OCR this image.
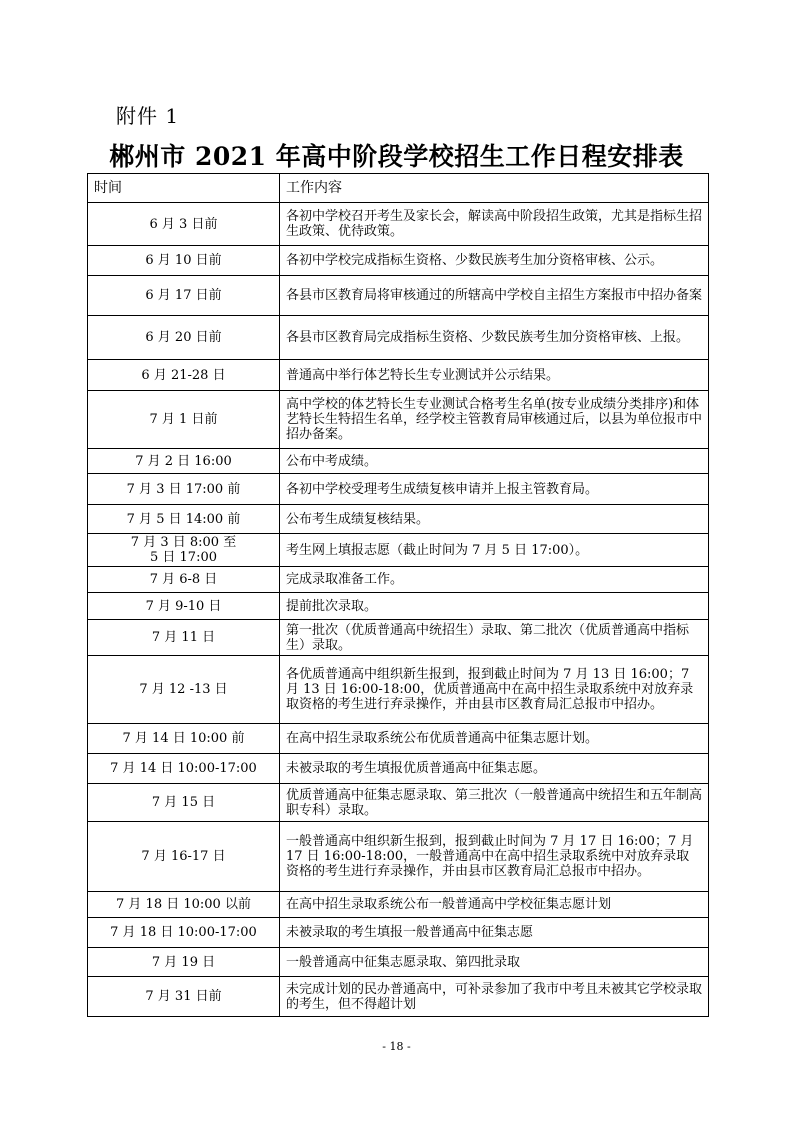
附件 1
郴州市 2021 年高中阶段学校招生工作日程安排表
时间	工作内容
6 月 3 日前	各初中学校召开考生及家长会，解读高中阶段招生政策，尤其是指标生招生政策、优待政策。
6 月 10 日前	各初中学校完成指标生资格、少数民族考生加分资格审核、公示。
6 月 17 日前	各县市区教育局将审核通过的所辖高中学校自主招生方案报市中招办备案
6 月 20 日前	各县市区教育局完成指标生资格、少数民族考生加分资格审核、上报。
6 月 21-28 日	普通高中举行体艺特长生专业测试并公示结果。
7 月 1 日前	高中学校的体艺特长生专业测试合格考生名单(按专业成绩分类排序)和体艺特长生特招生名单，经学校主管教育局审核通过后，以县为单位报市中招办备案。
7 月 2 日 16:00	公布中考成绩。
7 月 3 日 17:00 前	各初中学校受理考生成绩复核申请并上报主管教育局。
7 月 5 日 14:00 前	公布考生成绩复核结果。
7 月 3 日 8:00 至
5 日 17:00	考生网上填报志愿（截止时间为 7 月 5 日 17:00）。
7 月 6-8 日	完成录取准备工作。
7 月 9-10 日	提前批次录取。
7 月 11 日	第一批次（优质普通高中统招生）录取、第二批次（优质普通高中指标生）录取。
7 月 12 -13 日	各优质普通高中组织新生报到，报到截止时间为 7 月 13 日 16:00；7 月 13 日 16:00-18:00，优质普通高中在高中招生录取系统中对放弃录取资格的考生进行弃录操作，并由县市区教育局汇总报市中招办。
7 月 14 日 10:00 前	在高中招生录取系统公布优质普通高中征集志愿计划。
7 月 14 日 10:00-17:00	未被录取的考生填报优质普通高中征集志愿。
7 月 15 日	优质普通高中征集志愿录取、第三批次（一般普通高中统招生和五年制高职专科）录取。
7 月 16-17 日	一般普通高中组织新生报到，报到截止时间为 7 月 17 日 16:00；7 月 17 日 16:00-18:00，一般普通高中在高中招生录取系统中对放弃录取资格的考生进行弃录操作，并由县市区教育局汇总报市中招办。
7 月 18 日 10:00 以前	在高中招生录取系统公布一般普通高中学校征集志愿计划
7 月 18 日 10:00-17:00	未被录取的考生填报一般普通高中征集志愿
7 月 19 日	一般普通高中征集志愿录取、第四批录取
7 月 31 日前	未完成计划的民办普通高中，可补录参加了我市中考且未被其它学校录取的考生，但不得超计划
- 18 -
